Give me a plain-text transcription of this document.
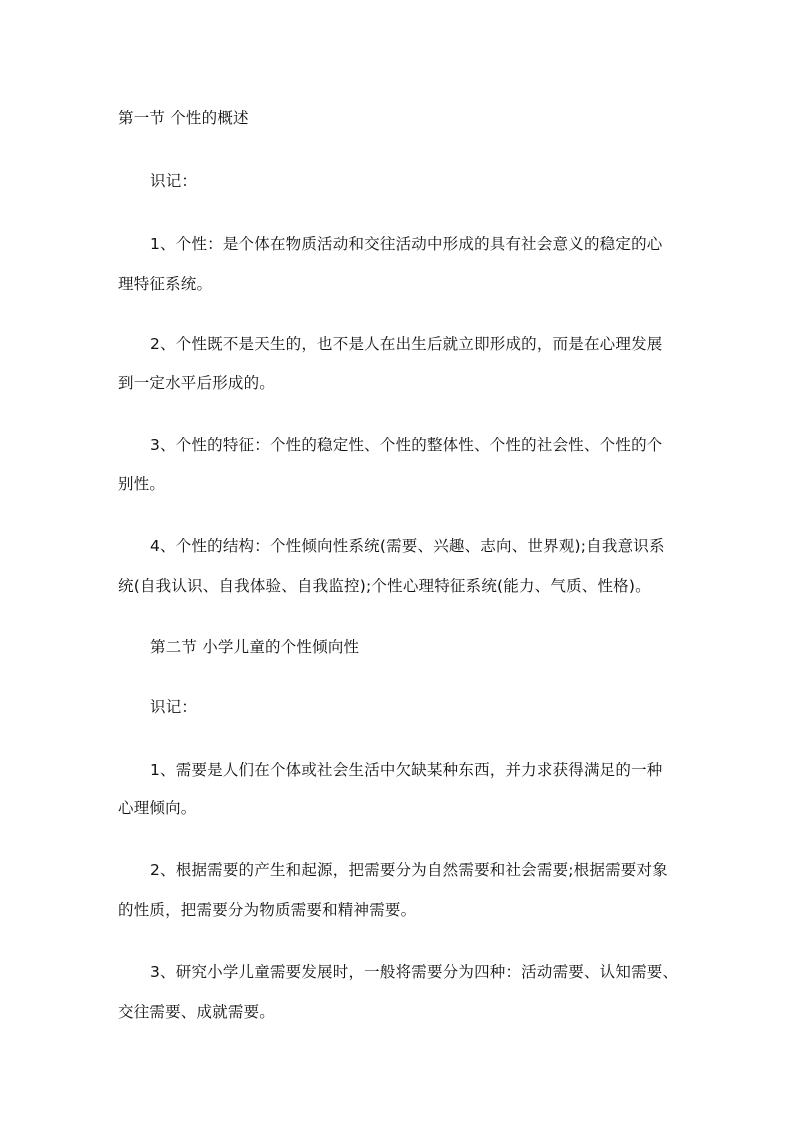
第一节 个性的概述
识记：
1、个性：是个体在物质活动和交往活动中形成的具有社会意义的稳定的心
理特征系统。
2、个性既不是天生的，也不是人在出生后就立即形成的，而是在心理发展
到一定水平后形成的。
3、个性的特征：个性的稳定性、个性的整体性、个性的社会性、个性的个
别性。
4、个性的结构：个性倾向性系统(需要、兴趣、志向、世界观);自我意识系
统(自我认识、自我体验、自我监控);个性心理特征系统(能力、气质、性格)。
第二节 小学儿童的个性倾向性
识记：
1、需要是人们在个体或社会生活中欠缺某种东西，并力求获得满足的一种
心理倾向。
2、根据需要的产生和起源，把需要分为自然需要和社会需要;根据需要对象
的性质，把需要分为物质需要和精神需要。
3、研究小学儿童需要发展时，一般将需要分为四种：活动需要、认知需要、
交往需要、成就需要。
